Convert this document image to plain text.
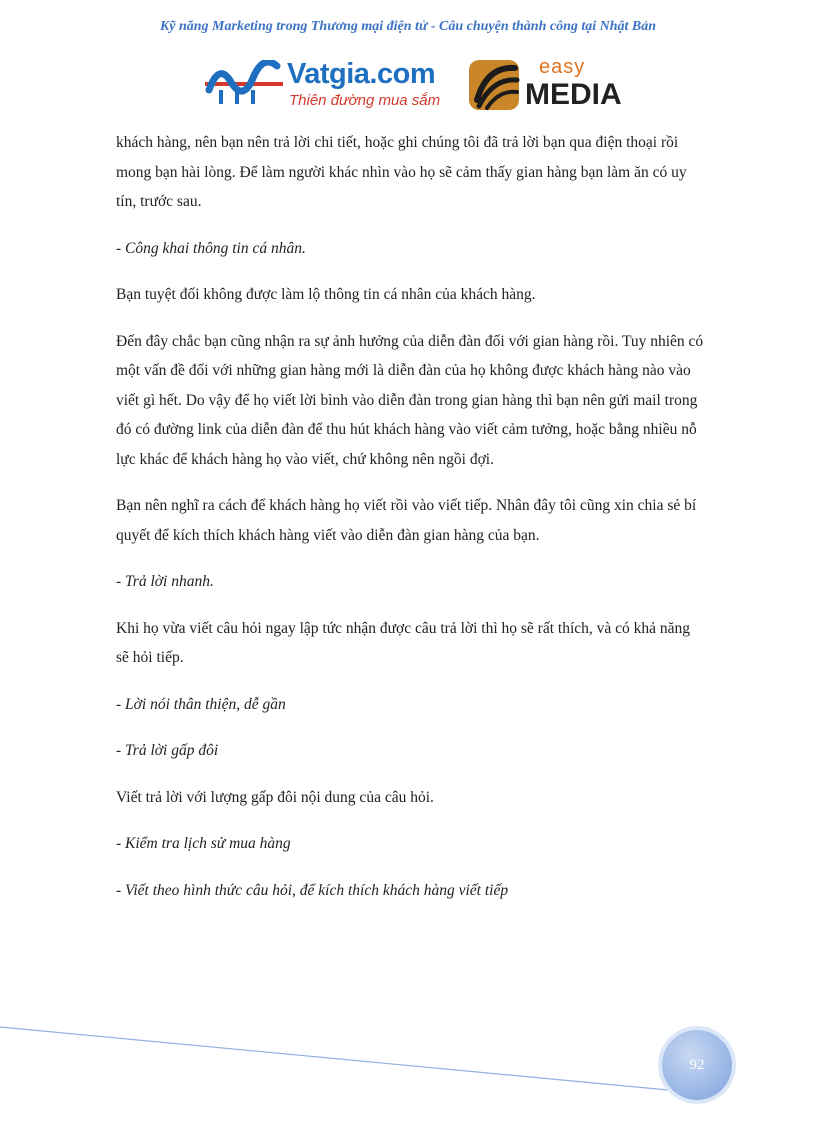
Kỹ năng Marketing trong Thương mại điện tử - Câu chuyện thành công tại Nhật Bản
Vatgia.com
Thiên đường mua sắm
easy
MEDIA

khách hàng, nên bạn nên trả lời chi tiết, hoặc ghi chúng tôi đã trả lời bạn qua điện thoại rồi mong bạn hài lòng. Để làm người khác nhìn vào họ sẽ cảm thấy gian hàng bạn làm ăn có uy tín, trước sau.

- Công khai thông tin cá nhân.

Bạn tuyệt đối không được làm lộ thông tin cá nhân của khách hàng.

Đến đây chắc bạn cũng nhận ra sự ảnh hưởng của diễn đàn đối với gian hàng rồi. Tuy nhiên có một vấn đề đối với những gian hàng mới là diễn đàn của họ không được khách hàng nào vào viết gì hết. Do vậy để họ viết lời bình vào diễn đàn trong gian hàng thì bạn nên gửi mail trong đó có đường link của diễn đàn để thu hút khách hàng vào viết cảm tưởng, hoặc bằng nhiều nỗ lực khác để khách hàng họ vào viết, chứ không nên ngồi đợi.

Bạn nên nghĩ ra cách để khách hàng họ viết rồi vào viết tiếp. Nhân đây tôi cũng xin chia sẻ bí quyết để kích thích khách hàng viết vào diễn đàn gian hàng của bạn.

- Trả lời nhanh.

Khi họ vừa viết câu hỏi ngay lập tức nhận được câu trả lời thì họ sẽ rất thích, và có khả năng sẽ hỏi tiếp.

- Lời nói thân thiện, dễ gần

- Trả lời gấp đôi

Viết trả lời với lượng gấp đôi nội dung của câu hỏi.

- Kiểm tra lịch sử mua hàng

- Viết theo hình thức câu hỏi, để kích thích khách hàng viết tiếp

92
